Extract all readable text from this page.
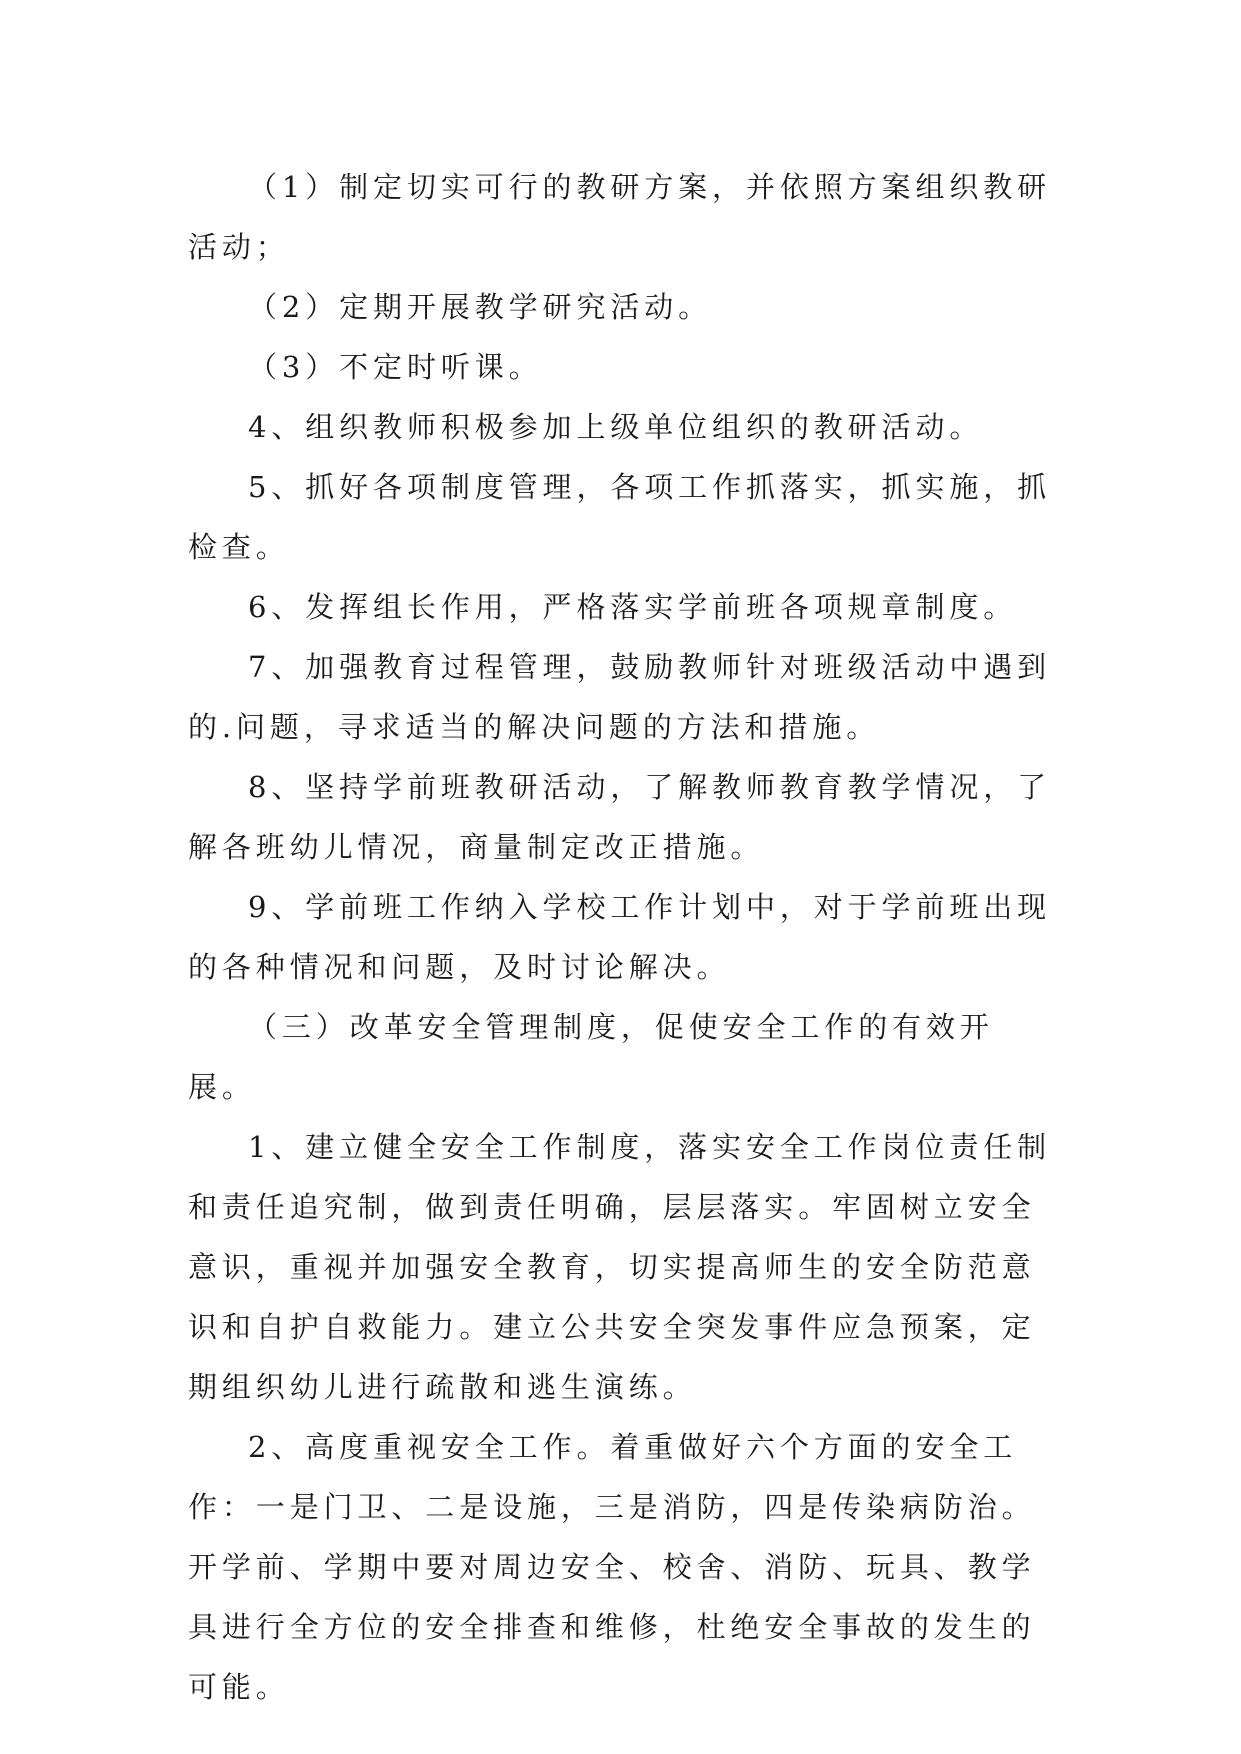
（1）制定切实可行的教研方案，并依照方案组织教研活动；

（2）定期开展教学研究活动。

（3）不定时听课。

4、组织教师积极参加上级单位组织的教研活动。

5、抓好各项制度管理，各项工作抓落实，抓实施，抓检查。

6、发挥组长作用，严格落实学前班各项规章制度。

7、加强教育过程管理，鼓励教师针对班级活动中遇到的.问题，寻求适当的解决问题的方法和措施。

8、坚持学前班教研活动，了解教师教育教学情况，了解各班幼儿情况，商量制定改正措施。

9、学前班工作纳入学校工作计划中，对于学前班出现的各种情况和问题，及时讨论解决。

（三）改革安全管理制度，促使安全工作的有效开展。

1、建立健全安全工作制度，落实安全工作岗位责任制和责任追究制，做到责任明确，层层落实。牢固树立安全意识，重视并加强安全教育，切实提高师生的安全防范意识和自护自救能力。建立公共安全突发事件应急预案，定期组织幼儿进行疏散和逃生演练。

2、高度重视安全工作。着重做好六个方面的安全工作：一是门卫、二是设施，三是消防，四是传染病防治。开学前、学期中要对周边安全、校舍、消防、玩具、教学具进行全方位的安全排查和维修，杜绝安全事故的发生的可能。
